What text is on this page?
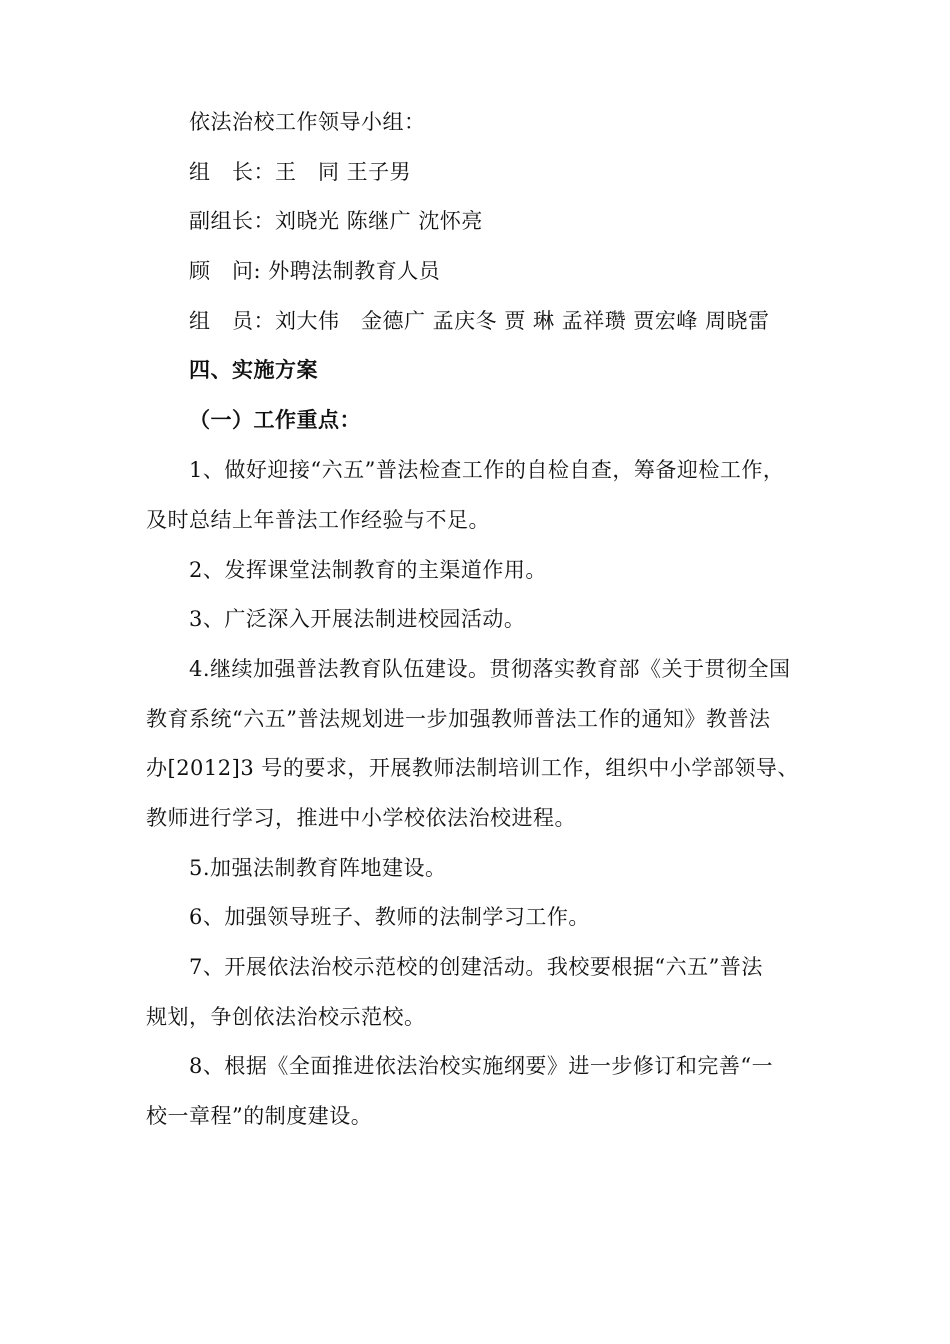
依法治校工作领导小组：
组　长：王　同 王子男
副组长：刘晓光 陈继广 沈怀亮
顾　问: 外聘法制教育人员
组　员：刘大伟　金德广 孟庆冬 贾 琳 孟祥瓒 贾宏峰 周晓雷
四、实施方案
（一）工作重点：
1、做好迎接“六五”普法检查工作的自检自查，筹备迎检工作，
及时总结上年普法工作经验与不足。
2、发挥课堂法制教育的主渠道作用。
3、广泛深入开展法制进校园活动。
4.继续加强普法教育队伍建设。贯彻落实教育部《关于贯彻全国
教育系统“六五”普法规划进一步加强教师普法工作的通知》教普法
办[2012]3 号的要求，开展教师法制培训工作，组织中小学部领导、
教师进行学习，推进中小学校依法治校进程。
5.加强法制教育阵地建设。
6、加强领导班子、教师的法制学习工作。
7、开展依法治校示范校的创建活动。我校要根据“六五”普法
规划，争创依法治校示范校。
8、根据《全面推进依法治校实施纲要》进一步修订和完善“一
校一章程”的制度建设。
